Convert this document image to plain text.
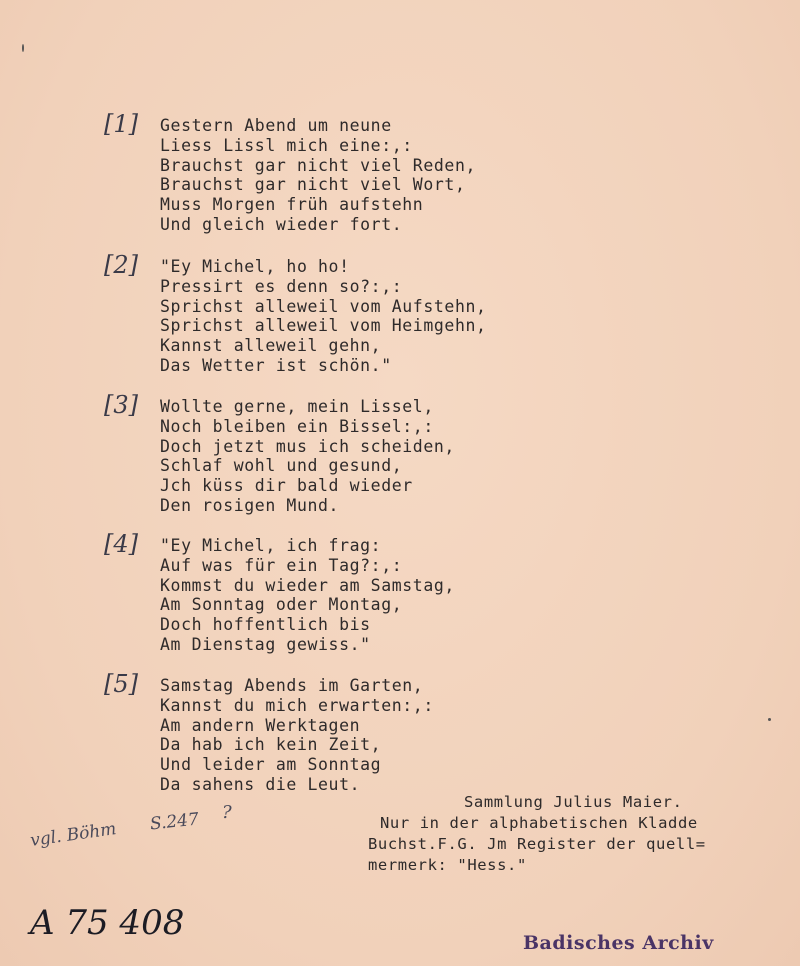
[1] Gestern Abend um neune
Liess Lissl mich eine:,:
Brauchst gar nicht viel Reden,
Brauchst gar nicht viel Wort,
Muss Morgen früh aufstehn
Und gleich wieder fort.
[2] "Ey Michel, ho ho!
Pressirt es denn so?:,:
Sprichst alleweil vom Aufstehn,
Sprichst alleweil vom Heimgehn,
Kannst alleweil gehn,
Das Wetter ist schön."
[3] Wollte gerne, mein Lissel,
Noch bleiben ein Bissel:,:
Doch jetzt mus ich scheiden,
Schlaf wohl und gesund,
Jch küss dir bald wieder
Den rosigen Mund.
[4] "Ey Michel, ich frag:
Auf was für ein Tag?:,:
Kommst du wieder am Samstag,
Am Sonntag oder Montag,
Doch hoffentlich bis
Am Dienstag gewiss."
[5] Samstag Abends im Garten,
Kannst du mich erwarten:,:
Am andern Werktagen
Da hab ich kein Zeit,
Und leider am Sonntag
Da sahens die Leut.
Sammlung Julius Maier.
Nur in der alphabetischen Kladde
Buchst.F.G. Jm Register der quell=
mermerk: "Hess."
vgl. Böhm S.247 ?
A 75 408	Badisches Archiv
